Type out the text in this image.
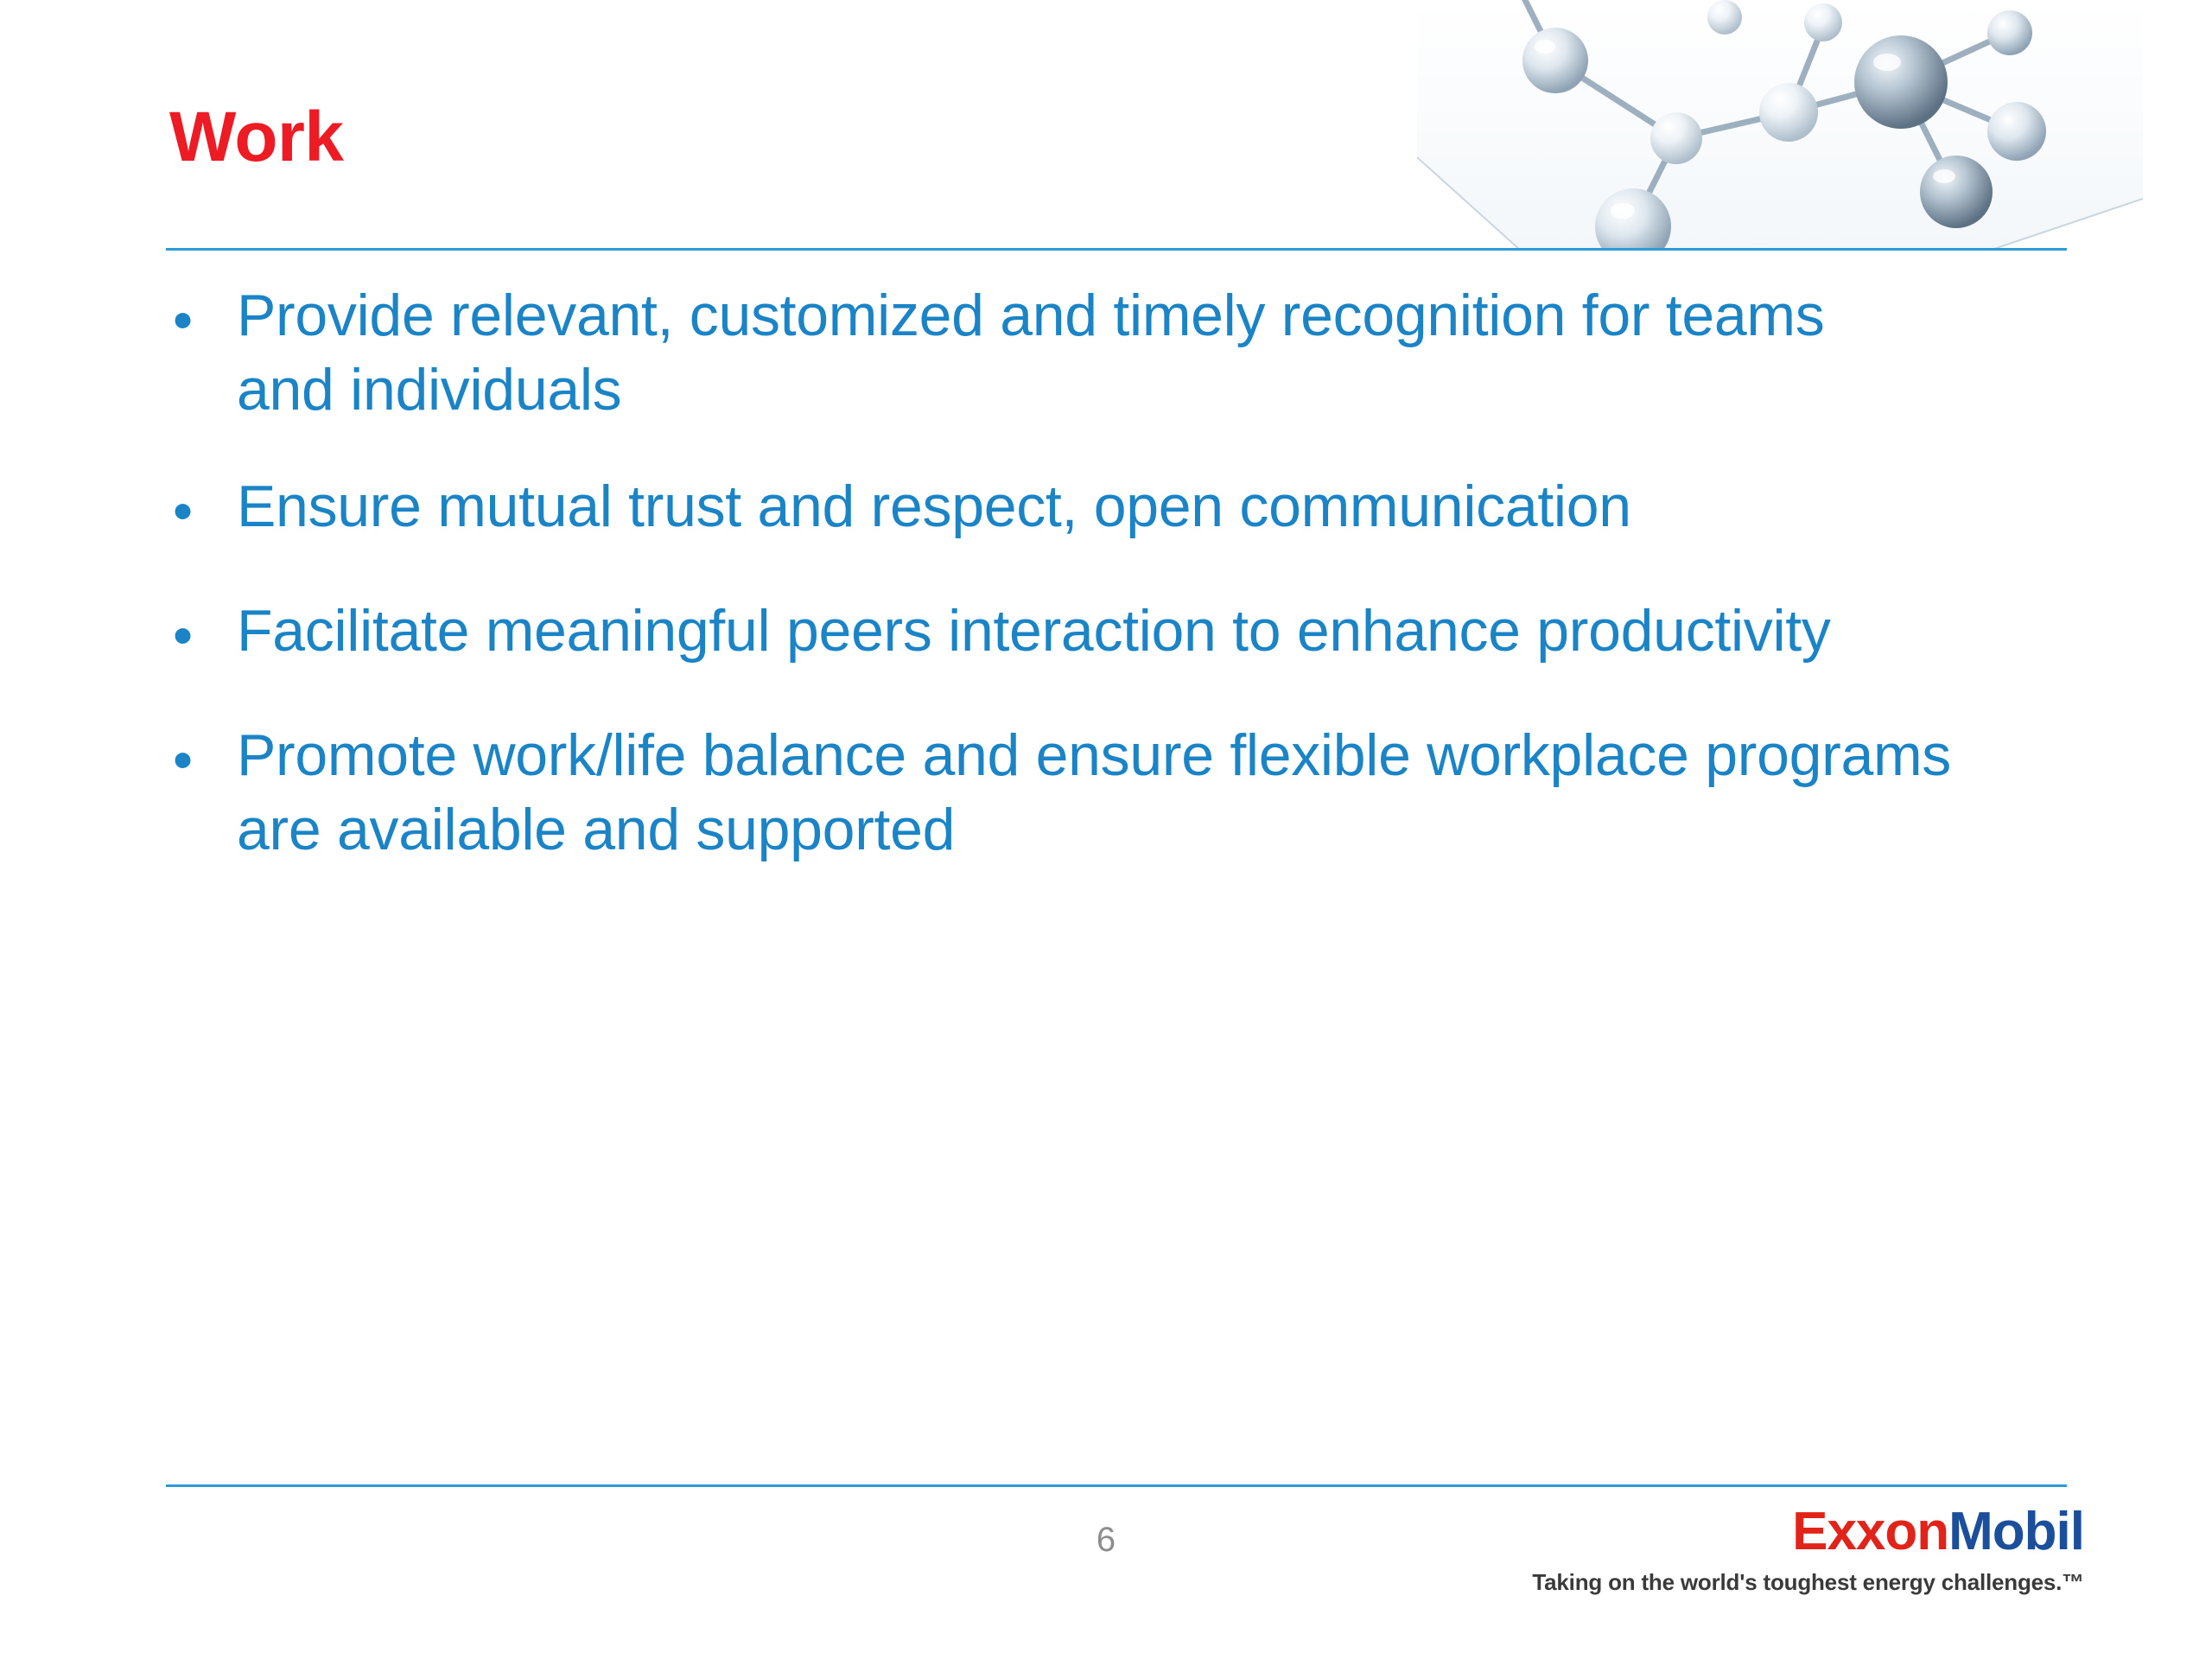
Work
• Provide relevant, customized and timely recognition for teams and individuals
• Ensure mutual trust and respect, open communication
• Facilitate meaningful peers interaction to enhance productivity
• Promote work/life balance and ensure flexible workplace programs are available and supported
6	ExxonMobil
Taking on the world's toughest energy challenges.™
